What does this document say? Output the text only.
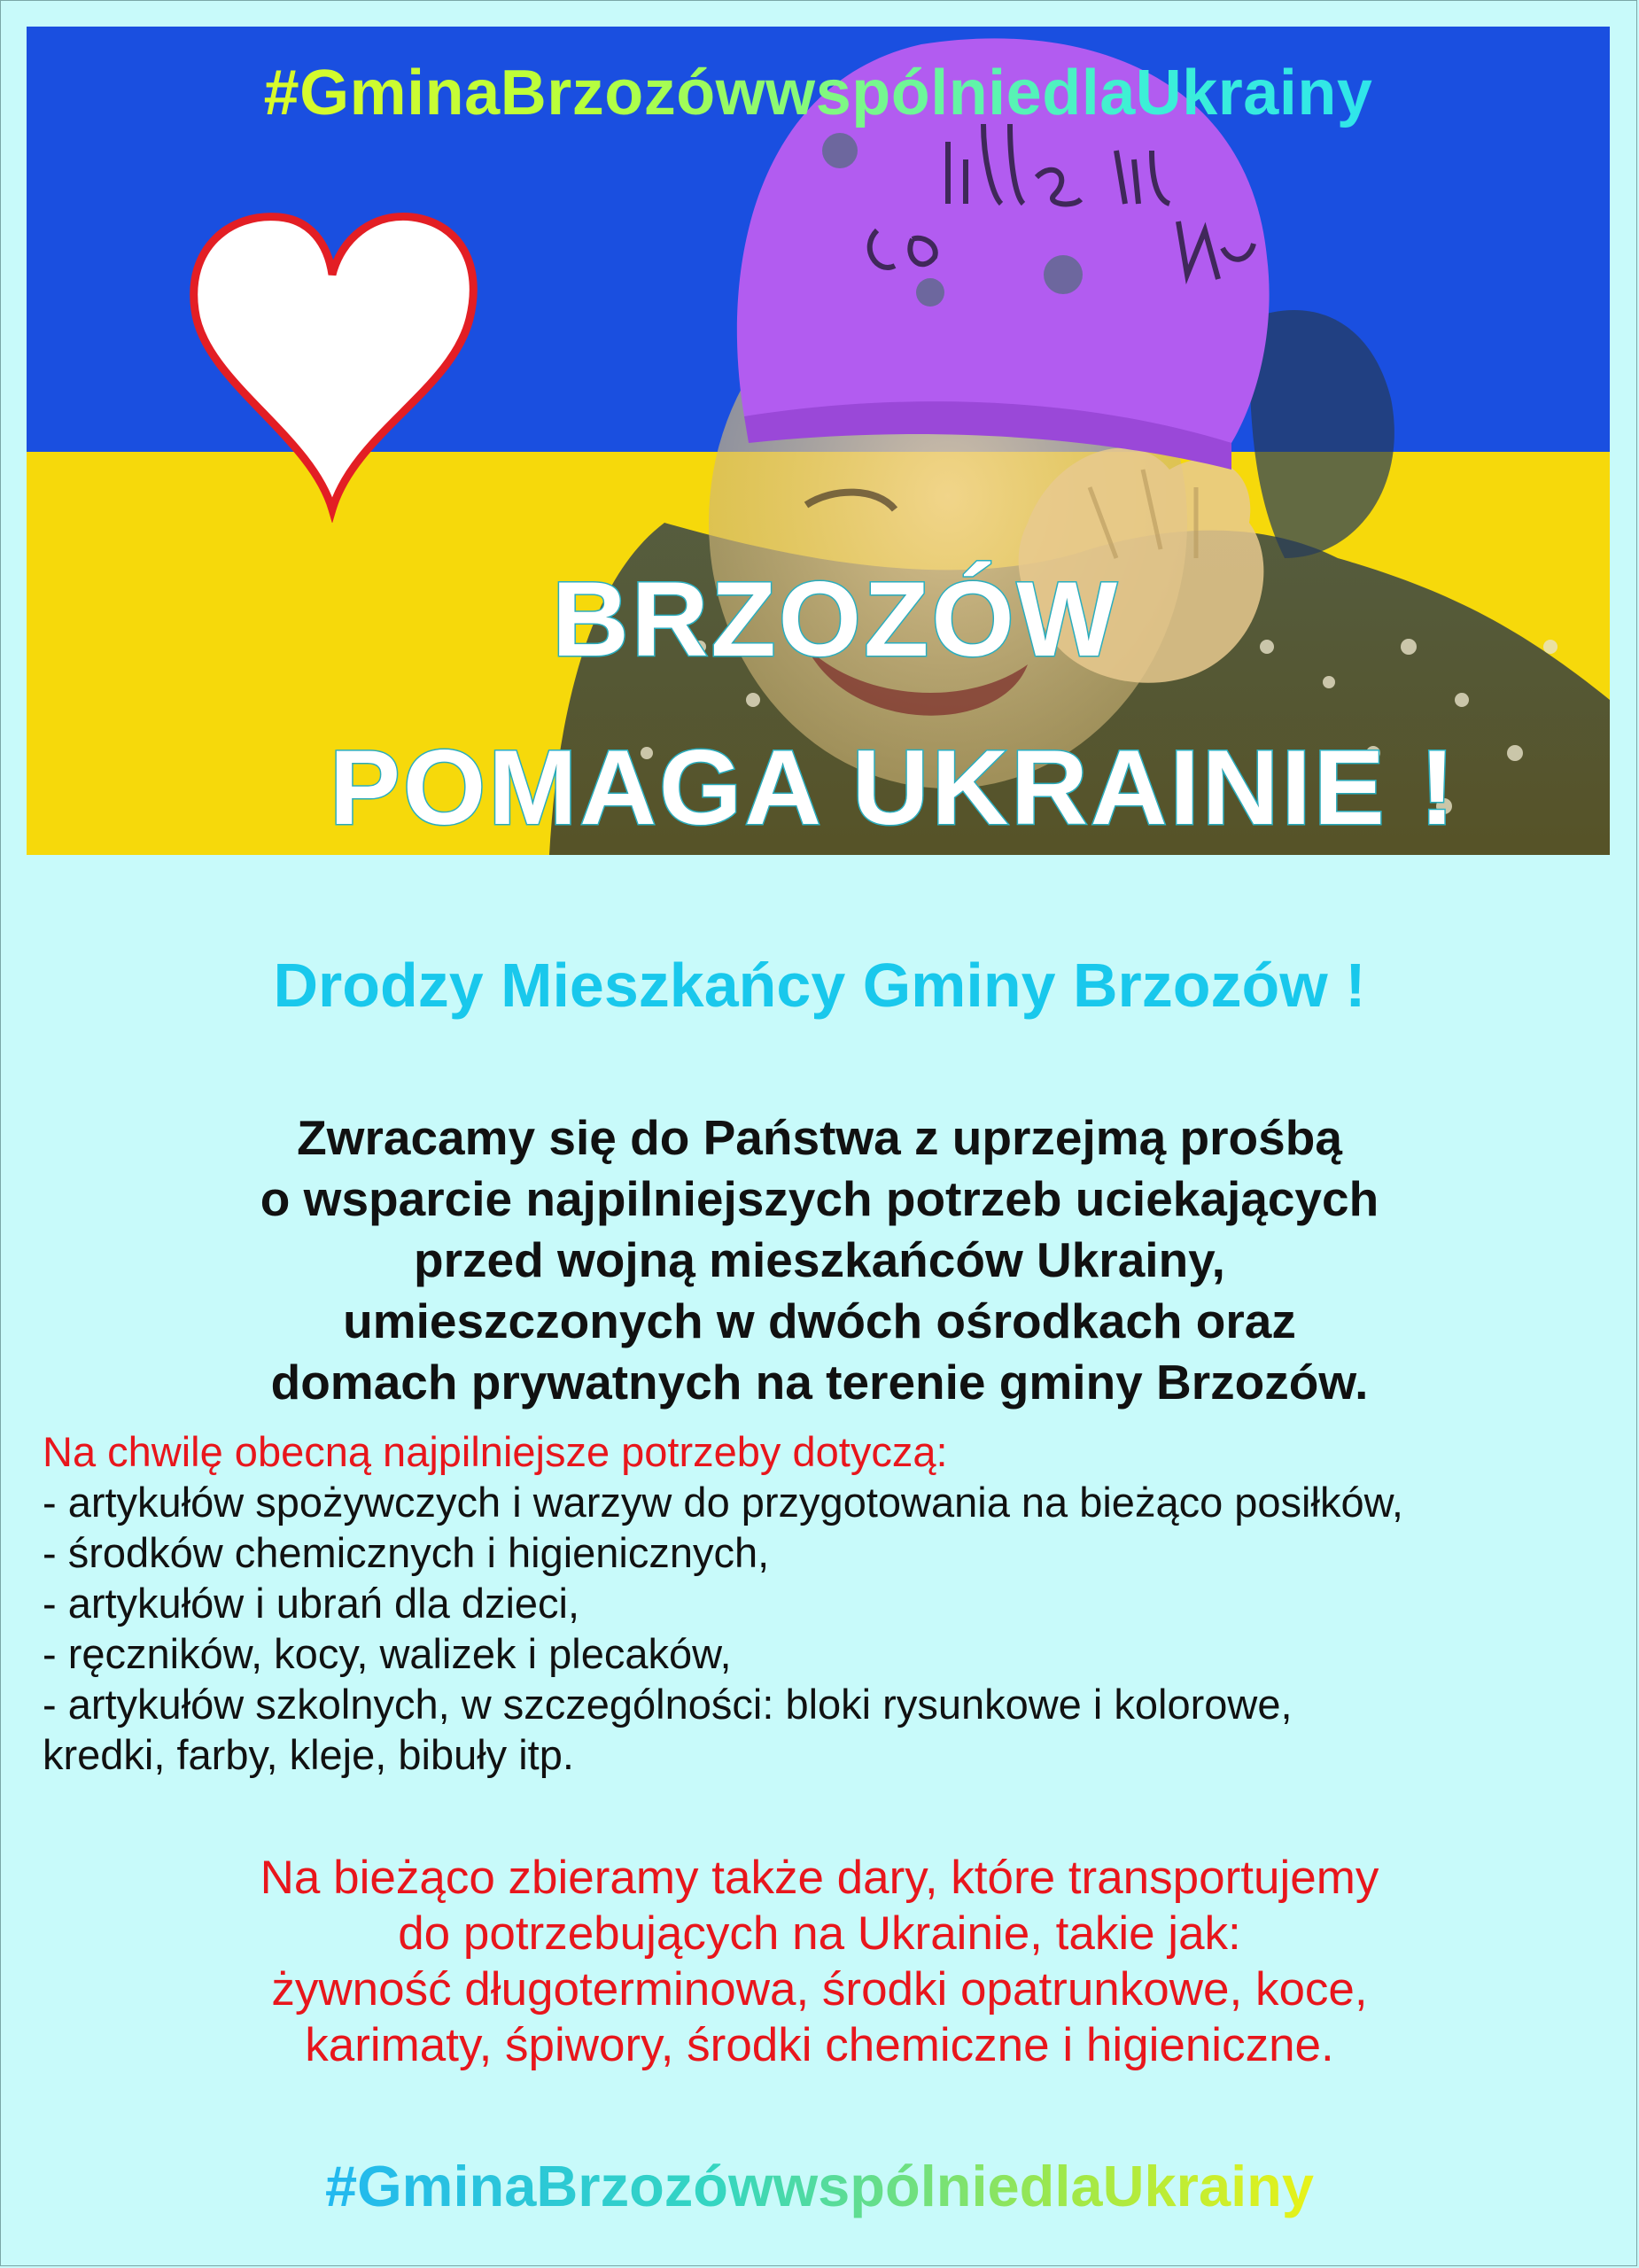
#GminaBrzozówwspólniedlaUkrainy
BRZOZÓW
POMAGA UKRAINIE !
Drodzy Mieszkańcy Gminy Brzozów !
Zwracamy się do Państwa z uprzejmą prośbą
o wsparcie najpilniejszych potrzeb uciekających
przed wojną mieszkańców Ukrainy,
umieszczonych w dwóch ośrodkach oraz
domach prywatnych na terenie gminy Brzozów.
Na chwilę obecną najpilniejsze potrzeby dotyczą:
- artykułów spożywczych i warzyw do przygotowania na bieżąco posiłków,
- środków chemicznych i higienicznych,
- artykułów i ubrań dla dzieci,
- ręczników, kocy, walizek i plecaków,
- artykułów szkolnych, w szczególności: bloki rysunkowe i kolorowe,
kredki, farby, kleje, bibuły itp.
Na bieżąco zbieramy także dary, które transportujemy
do potrzebujących na Ukrainie, takie jak:
żywność długoterminowa, środki opatrunkowe, koce,
karimaty, śpiwory, środki chemiczne i higieniczne.
#GminaBrzozówwspólniedlaUkrainy
